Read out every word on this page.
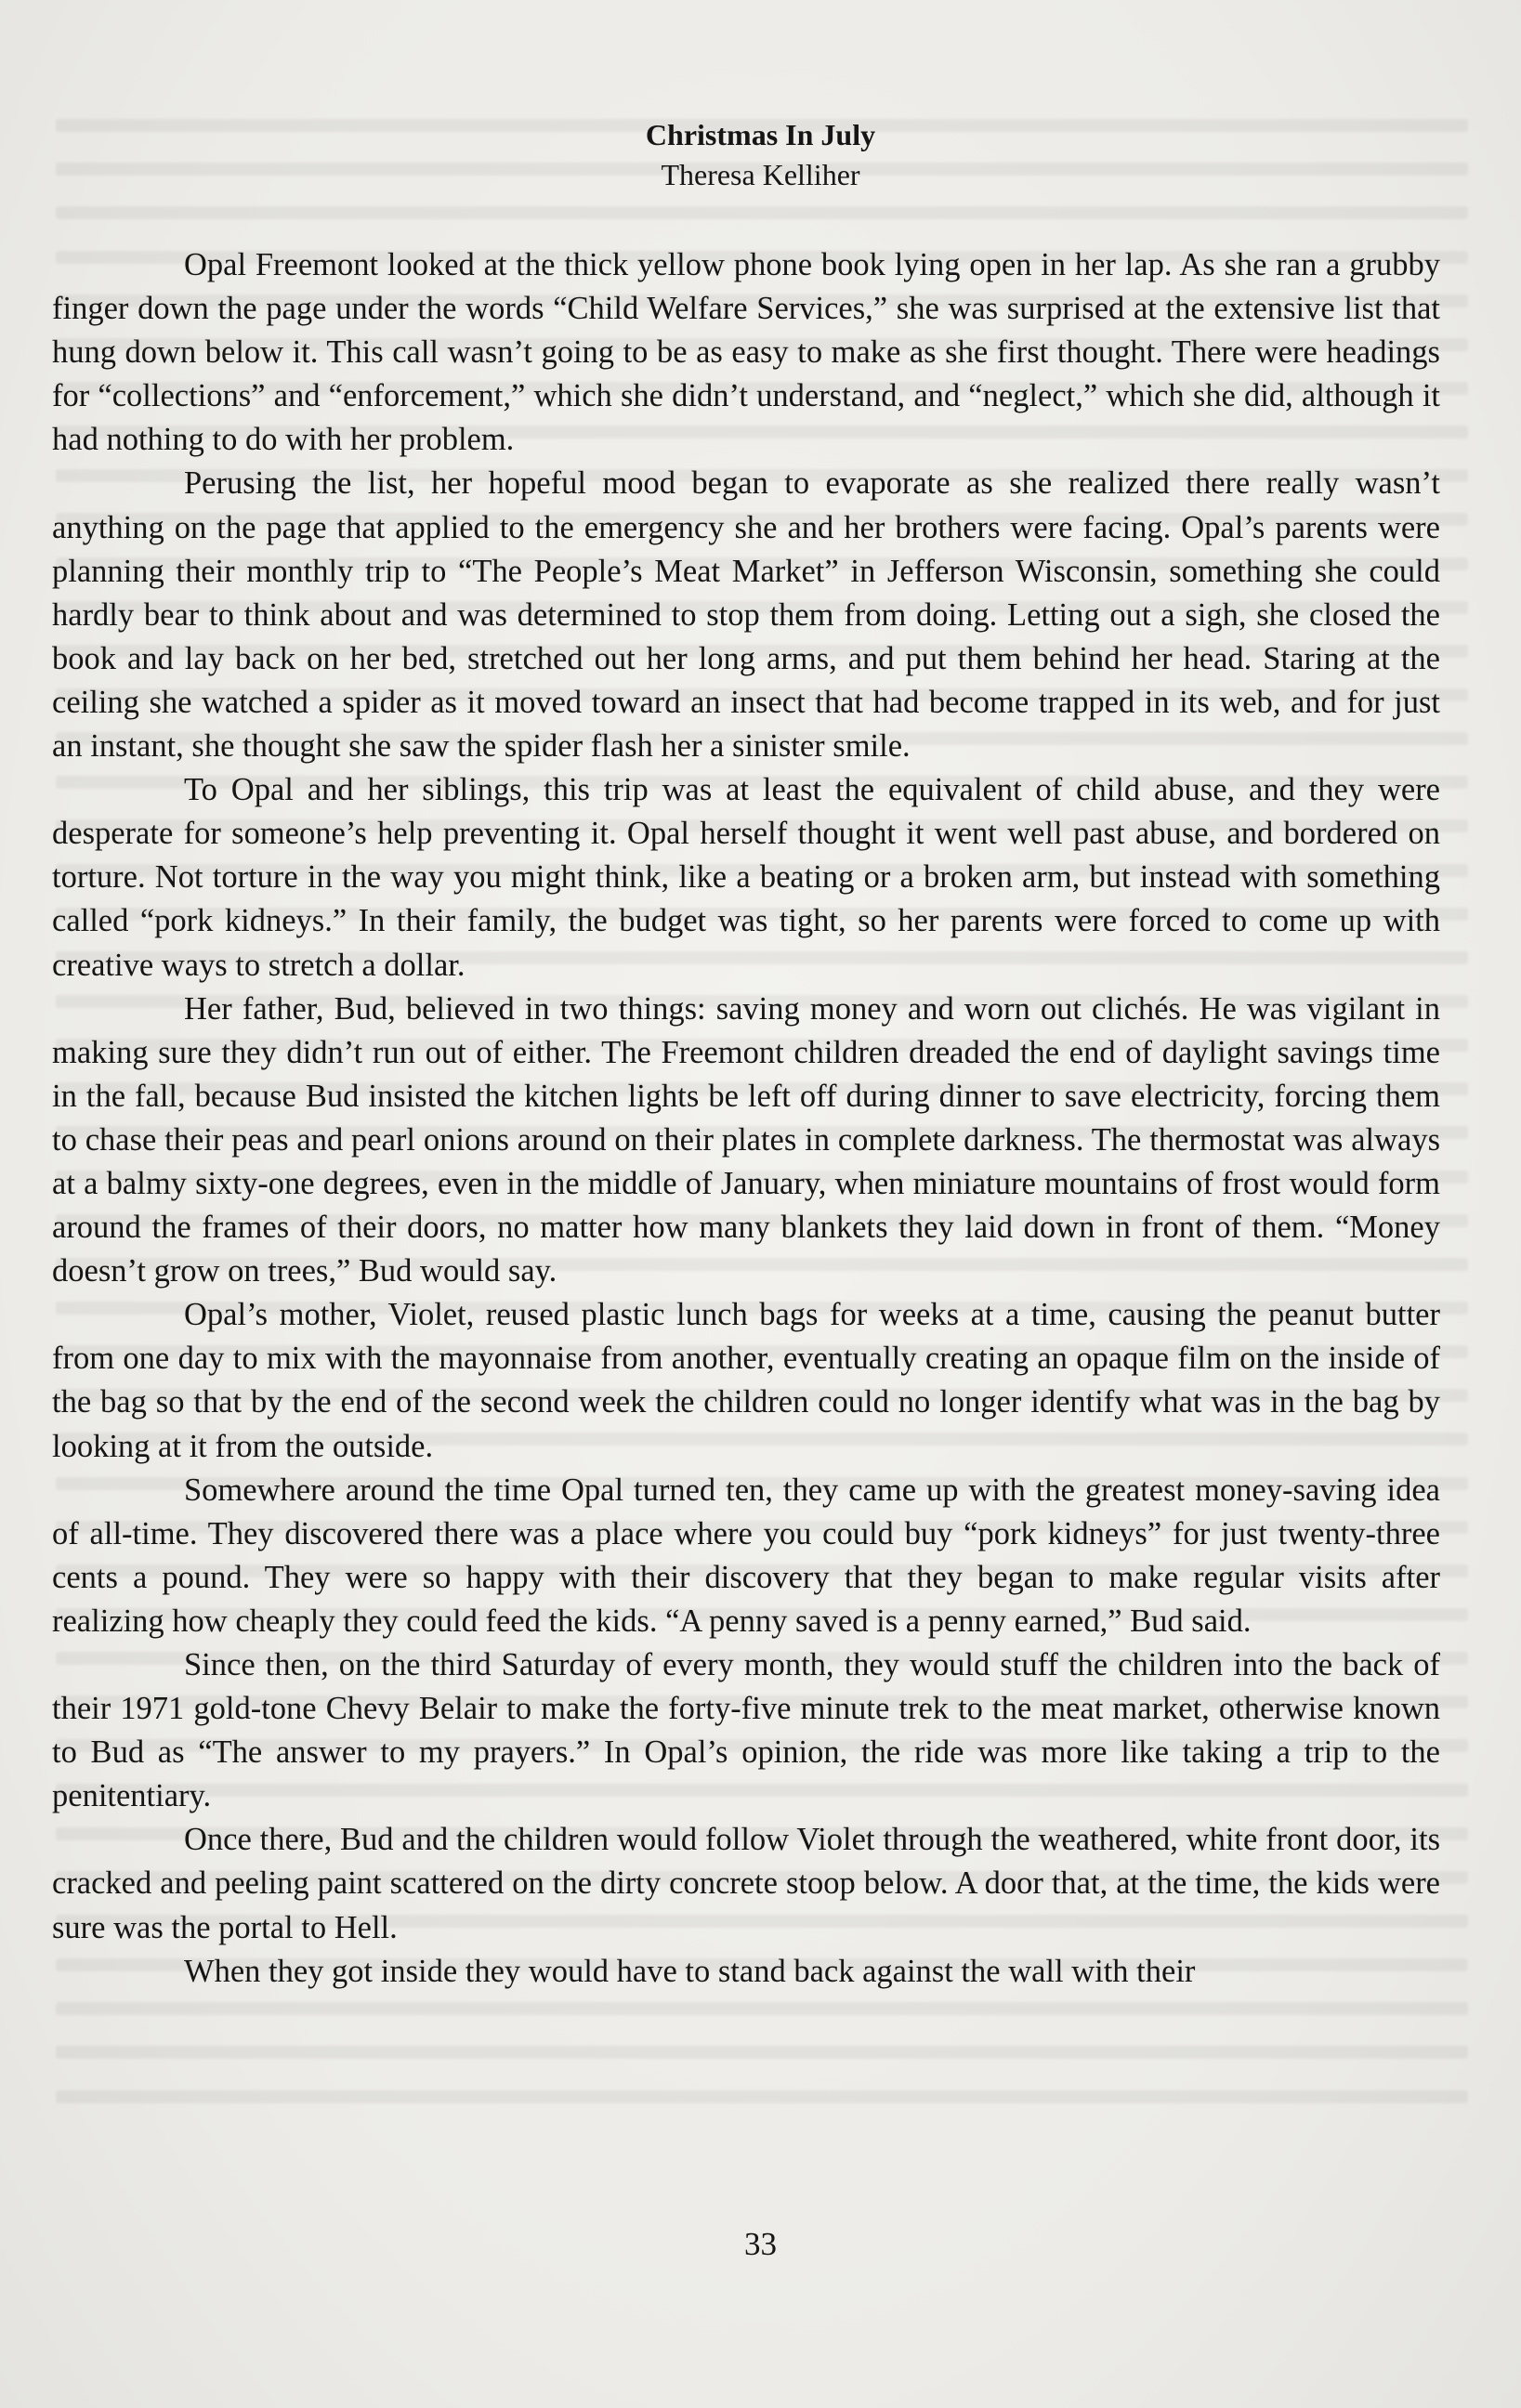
Christmas In July
Theresa Kelliher

Opal Freemont looked at the thick yellow phone book lying open in her lap. As she ran a grubby finger down the page under the words “Child Welfare Services,” she was surprised at the extensive list that hung down below it. This call wasn’t going to be as easy to make as she first thought. There were headings for “collections” and “enforcement,” which she didn’t understand, and “neglect,” which she did, although it had nothing to do with her problem.

Perusing the list, her hopeful mood began to evaporate as she realized there really wasn’t anything on the page that applied to the emergency she and her brothers were facing. Opal’s parents were planning their monthly trip to “The People’s Meat Market” in Jefferson Wisconsin, something she could hardly bear to think about and was determined to stop them from doing. Letting out a sigh, she closed the book and lay back on her bed, stretched out her long arms, and put them behind her head. Staring at the ceiling she watched a spider as it moved toward an insect that had become trapped in its web, and for just an instant, she thought she saw the spider flash her a sinister smile.

To Opal and her siblings, this trip was at least the equivalent of child abuse, and they were desperate for someone’s help preventing it. Opal herself thought it went well past abuse, and bordered on torture. Not torture in the way you might think, like a beating or a broken arm, but instead with something called “pork kidneys.” In their family, the budget was tight, so her parents were forced to come up with creative ways to stretch a dollar.

Her father, Bud, believed in two things: saving money and worn out clichés. He was vigilant in making sure they didn’t run out of either. The Freemont children dreaded the end of daylight savings time in the fall, because Bud insisted the kitchen lights be left off during dinner to save electricity, forcing them to chase their peas and pearl onions around on their plates in complete darkness. The thermostat was always at a balmy sixty-one degrees, even in the middle of January, when miniature mountains of frost would form around the frames of their doors, no matter how many blankets they laid down in front of them. “Money doesn’t grow on trees,” Bud would say.

Opal’s mother, Violet, reused plastic lunch bags for weeks at a time, causing the peanut butter from one day to mix with the mayonnaise from another, eventually creating an opaque film on the inside of the bag so that by the end of the second week the children could no longer identify what was in the bag by looking at it from the outside.

Somewhere around the time Opal turned ten, they came up with the greatest money-saving idea of all-time. They discovered there was a place where you could buy “pork kidneys” for just twenty-three cents a pound. They were so happy with their discovery that they began to make regular visits after realizing how cheaply they could feed the kids. “A penny saved is a penny earned,” Bud said.

Since then, on the third Saturday of every month, they would stuff the children into the back of their 1971 gold-tone Chevy Belair to make the forty-five minute trek to the meat market, otherwise known to Bud as “The answer to my prayers.” In Opal’s opinion, the ride was more like taking a trip to the penitentiary.

Once there, Bud and the children would follow Violet through the weathered, white front door, its cracked and peeling paint scattered on the dirty concrete stoop below. A door that, at the time, the kids were sure was the portal to Hell.

When they got inside they would have to stand back against the wall with their

33
